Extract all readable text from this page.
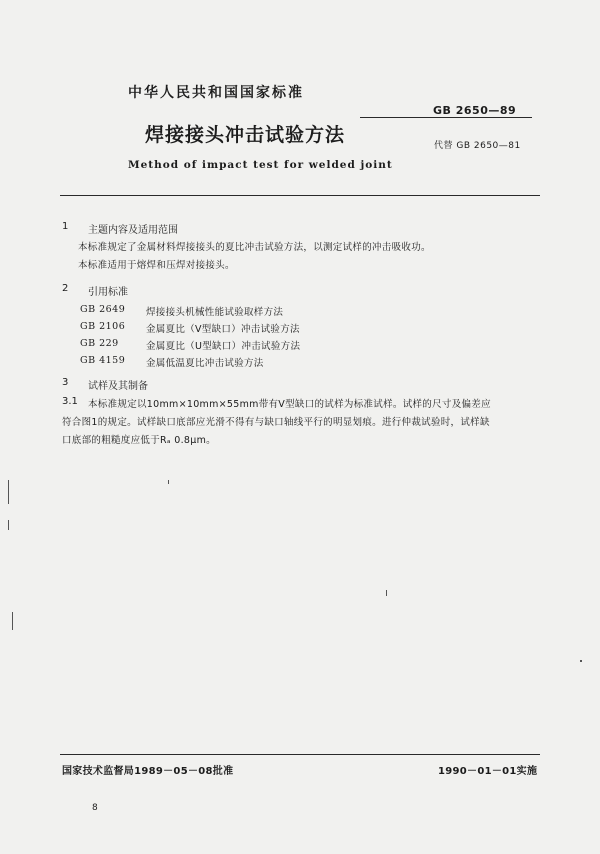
中华人民共和国国家标准
GB 2650—89
焊接接头冲击试验方法	代替 GB 2650—81
Method of impact test for welded joint
1 主题内容及适用范围
本标准规定了金属材料焊接接头的夏比冲击试验方法，以测定试样的冲击吸收功。
本标准适用于熔焊和压焊对接接头。
2 引用标准
GB 2649 焊接接头机械性能试验取样方法
GB 2106 金属夏比（V型缺口）冲击试验方法
GB 229	金属夏比（U型缺口）冲击试验方法
GB 4159 金属低温夏比冲击试验方法
3 试样及其制备
3.1 本标准规定以10mm×10mm×55mm带有V型缺口的试样为标准试样。试样的尺寸及偏差应
符合图1的规定。试样缺口底部应光滑不得有与缺口轴线平行的明显划痕。进行仲裁试验时，试样缺
口底部的粗糙度应低于Rₐ 0.8μm。
国家技术监督局1989－05－08批准	1990－01－01实施
8
